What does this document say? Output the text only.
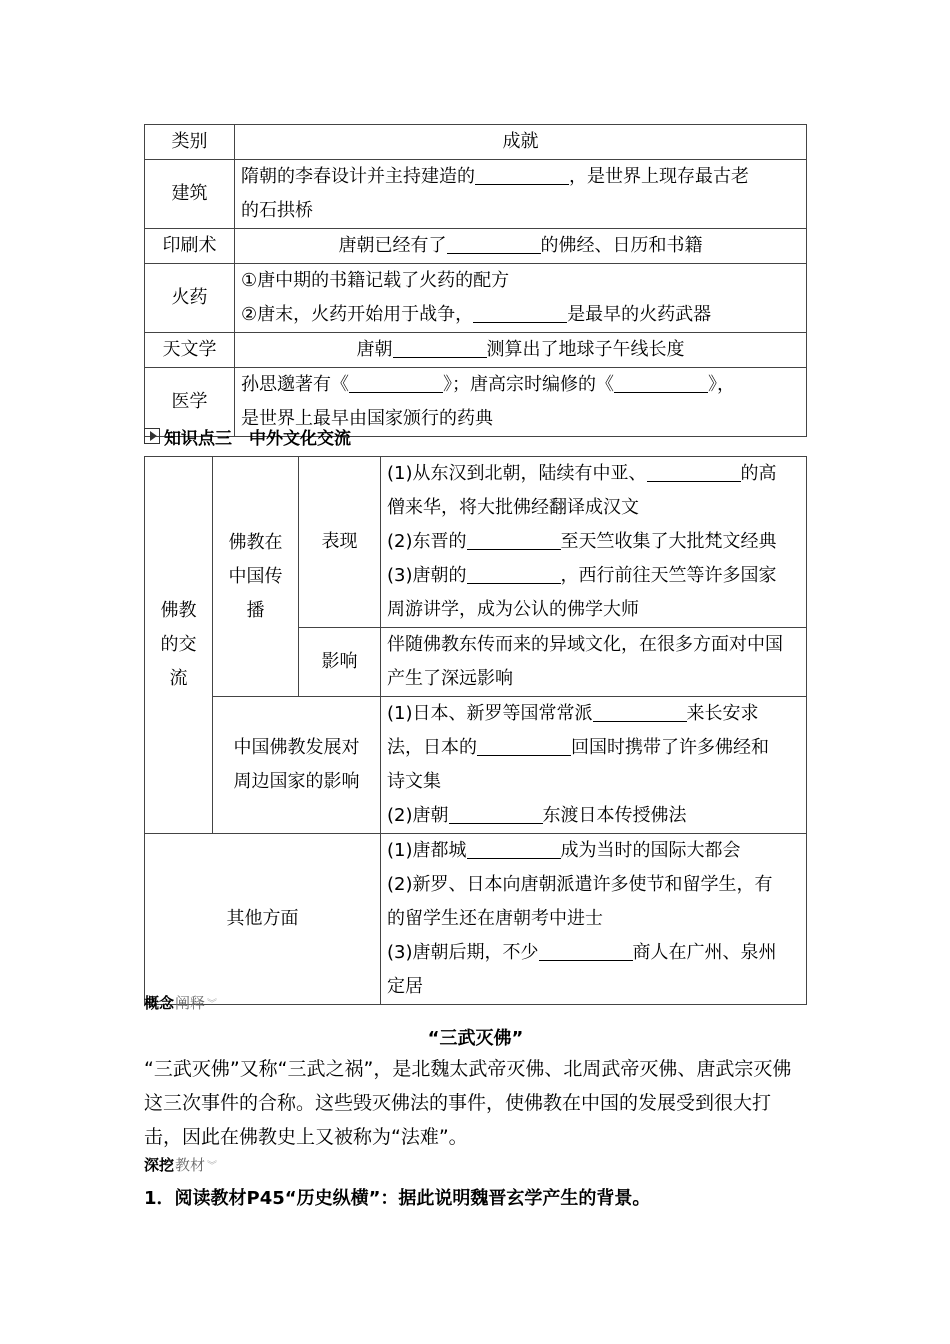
类别	成就
建筑	隋朝的李春设计并主持建造的 ，是世界上现存最古老
的石拱桥
印刷术	唐朝已经有了 的佛经、日历和书籍
火药	①唐中期的书籍记载了火药的配方
②唐末，火药开始用于战争， 是最早的火药武器
天文学	唐朝 测算出了地球子午线长度
医学	孙思邈著有《 》；唐高宗时编修的《 》，
是世界上最早由国家颁行的药典
知识点三　中外文化交流
佛教的交流	佛教在中国传播	表现	(1)从东汉到北朝，陆续有中亚、 的高
僧来华，将大批佛经翻译成汉文
(2)东晋的 至天竺收集了大批梵文经典
(3)唐朝的 ，西行前往天竺等许多国家
周游讲学，成为公认的佛学大师
		影响	伴随佛教东传而来的异域文化，在很多方面对中国产生了深远影响
	中国佛教发展对周边国家的影响		(1)日本、新罗等国常常派 来长安求
法，日本的 回国时携带了许多佛经和
诗文集
(2)唐朝 东渡日本传授佛法
其他方面			(1)唐都城 成为当时的国际大都会
(2)新罗、日本向唐朝派遣许多使节和留学生，有
的留学生还在唐朝考中进士
(3)唐朝后期，不少 商人在广州、泉州
定居
概念 阐释 ︾
“三武灭佛”
“三武灭佛”又称“三武之祸”，是北魏太武帝灭佛、北周武帝灭佛、唐武宗灭佛这三次事件的合称。这些毁灭佛法的事件，使佛教在中国的发展受到很大打击，因此在佛教史上又被称为“法难”。
深挖 教材 ︾
1．阅读教材P45“历史纵横”：据此说明魏晋玄学产生的背景。
